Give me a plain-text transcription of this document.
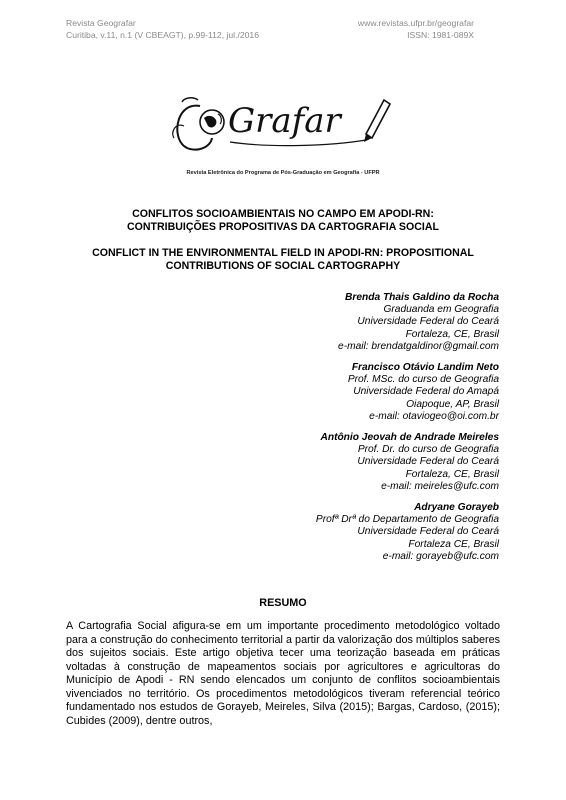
Revista Geografar
Curitiba, v.11, n.1 (V CBEAGT), p.99-112, jul./2016
www.revistas.ufpr.br/geografar
ISSN: 1981-089X
Grafar
Revista Eletrônica do Programa de Pós-Graduação em Geografia - UFPR
CONFLITOS SOCIOAMBIENTAIS NO CAMPO EM APODI-RN:
CONTRIBUIÇÕES PROPOSITIVAS DA CARTOGRAFIA SOCIAL
CONFLICT IN THE ENVIRONMENTAL FIELD IN APODI-RN: PROPOSITIONAL
CONTRIBUTIONS OF SOCIAL CARTOGRAPHY
Brenda Thais Galdino da Rocha
Graduanda em Geografia
Universidade Federal do Ceará
Fortaleza, CE, Brasil
e-mail: brendatgaldinor@gmail.com
Francisco Otávio Landim Neto
Prof. MSc. do curso de Geografia
Universidade Federal do Amapá
Oiapoque, AP, Brasil
e-mail: otaviogeo@oi.com.br
Antônio Jeovah de Andrade Meireles
Prof. Dr. do curso de Geografia
Universidade Federal do Ceará
Fortaleza, CE, Brasil
e-mail: meireles@ufc.com
Adryane Gorayeb
Profª Drª do Departamento de Geografia
Universidade Federal do Ceará
Fortaleza CE, Brasil
e-mail: gorayeb@ufc.com
RESUMO
A Cartografia Social afigura-se em um importante procedimento metodológico voltado para a construção do conhecimento territorial a partir da valorização dos múltiplos saberes dos sujeitos sociais. Este artigo objetiva tecer uma teorização baseada em práticas voltadas à construção de mapeamentos sociais por agricultores e agricultoras do Município de Apodi - RN sendo elencados um conjunto de conflitos socioambientais vivenciados no território. Os procedimentos metodológicos tiveram referencial teórico fundamentado nos estudos de Gorayeb, Meireles, Silva (2015); Bargas, Cardoso, (2015); Cubides (2009), dentre outros,
